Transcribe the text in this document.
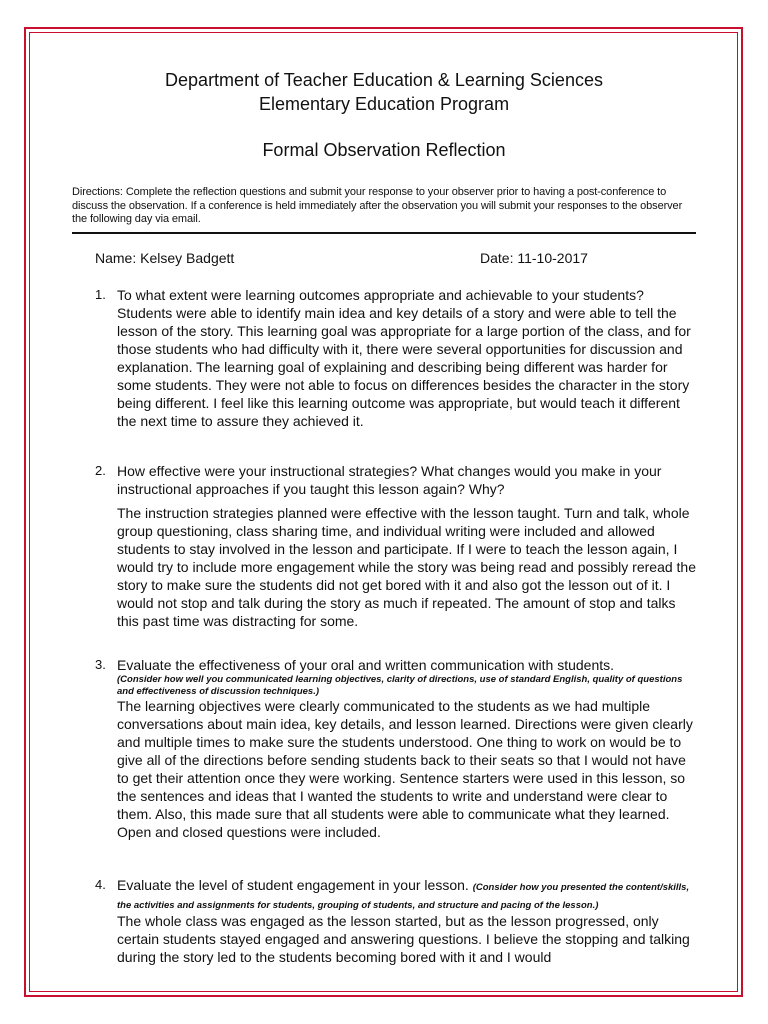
Department of Teacher Education & Learning Sciences
Elementary Education Program
Formal Observation Reflection
Directions: Complete the reflection questions and submit your response to your observer prior to having a post-conference to discuss the observation. If a conference is held immediately after the observation you will submit your responses to the observer the following day via email.
Name: Kelsey Badgett	Date: 11-10-2017
1. To what extent were learning outcomes appropriate and achievable to your students?
Students were able to identify main idea and key details of a story and were able to tell the lesson of the story. This learning goal was appropriate for a large portion of the class, and for those students who had difficulty with it, there were several opportunities for discussion and explanation. The learning goal of explaining and describing being different was harder for some students. They were not able to focus on differences besides the character in the story being different. I feel like this learning outcome was appropriate, but would teach it different the next time to assure they achieved it.
2. How effective were your instructional strategies? What changes would you make in your instructional approaches if you taught this lesson again? Why?
The instruction strategies planned were effective with the lesson taught. Turn and talk, whole group questioning, class sharing time, and individual writing were included and allowed students to stay involved in the lesson and participate. If I were to teach the lesson again, I would try to include more engagement while the story was being read and possibly reread the story to make sure the students did not get bored with it and also got the lesson out of it. I would not stop and talk during the story as much if repeated. The amount of stop and talks this past time was distracting for some.
3. Evaluate the effectiveness of your oral and written communication with students.
(Consider how well you communicated learning objectives, clarity of directions, use of standard English, quality of questions and effectiveness of discussion techniques.)
The learning objectives were clearly communicated to the students as we had multiple conversations about main idea, key details, and lesson learned. Directions were given clearly and multiple times to make sure the students understood. One thing to work on would be to give all of the directions before sending students back to their seats so that I would not have to get their attention once they were working. Sentence starters were used in this lesson, so the sentences and ideas that I wanted the students to write and understand were clear to them. Also, this made sure that all students were able to communicate what they learned. Open and closed questions were included.
4. Evaluate the level of student engagement in your lesson. (Consider how you presented the content/skills, the activities and assignments for students, grouping of students, and structure and pacing of the lesson.)
The whole class was engaged as the lesson started, but as the lesson progressed, only certain students stayed engaged and answering questions. I believe the stopping and talking during the story led to the students becoming bored with it and I would
